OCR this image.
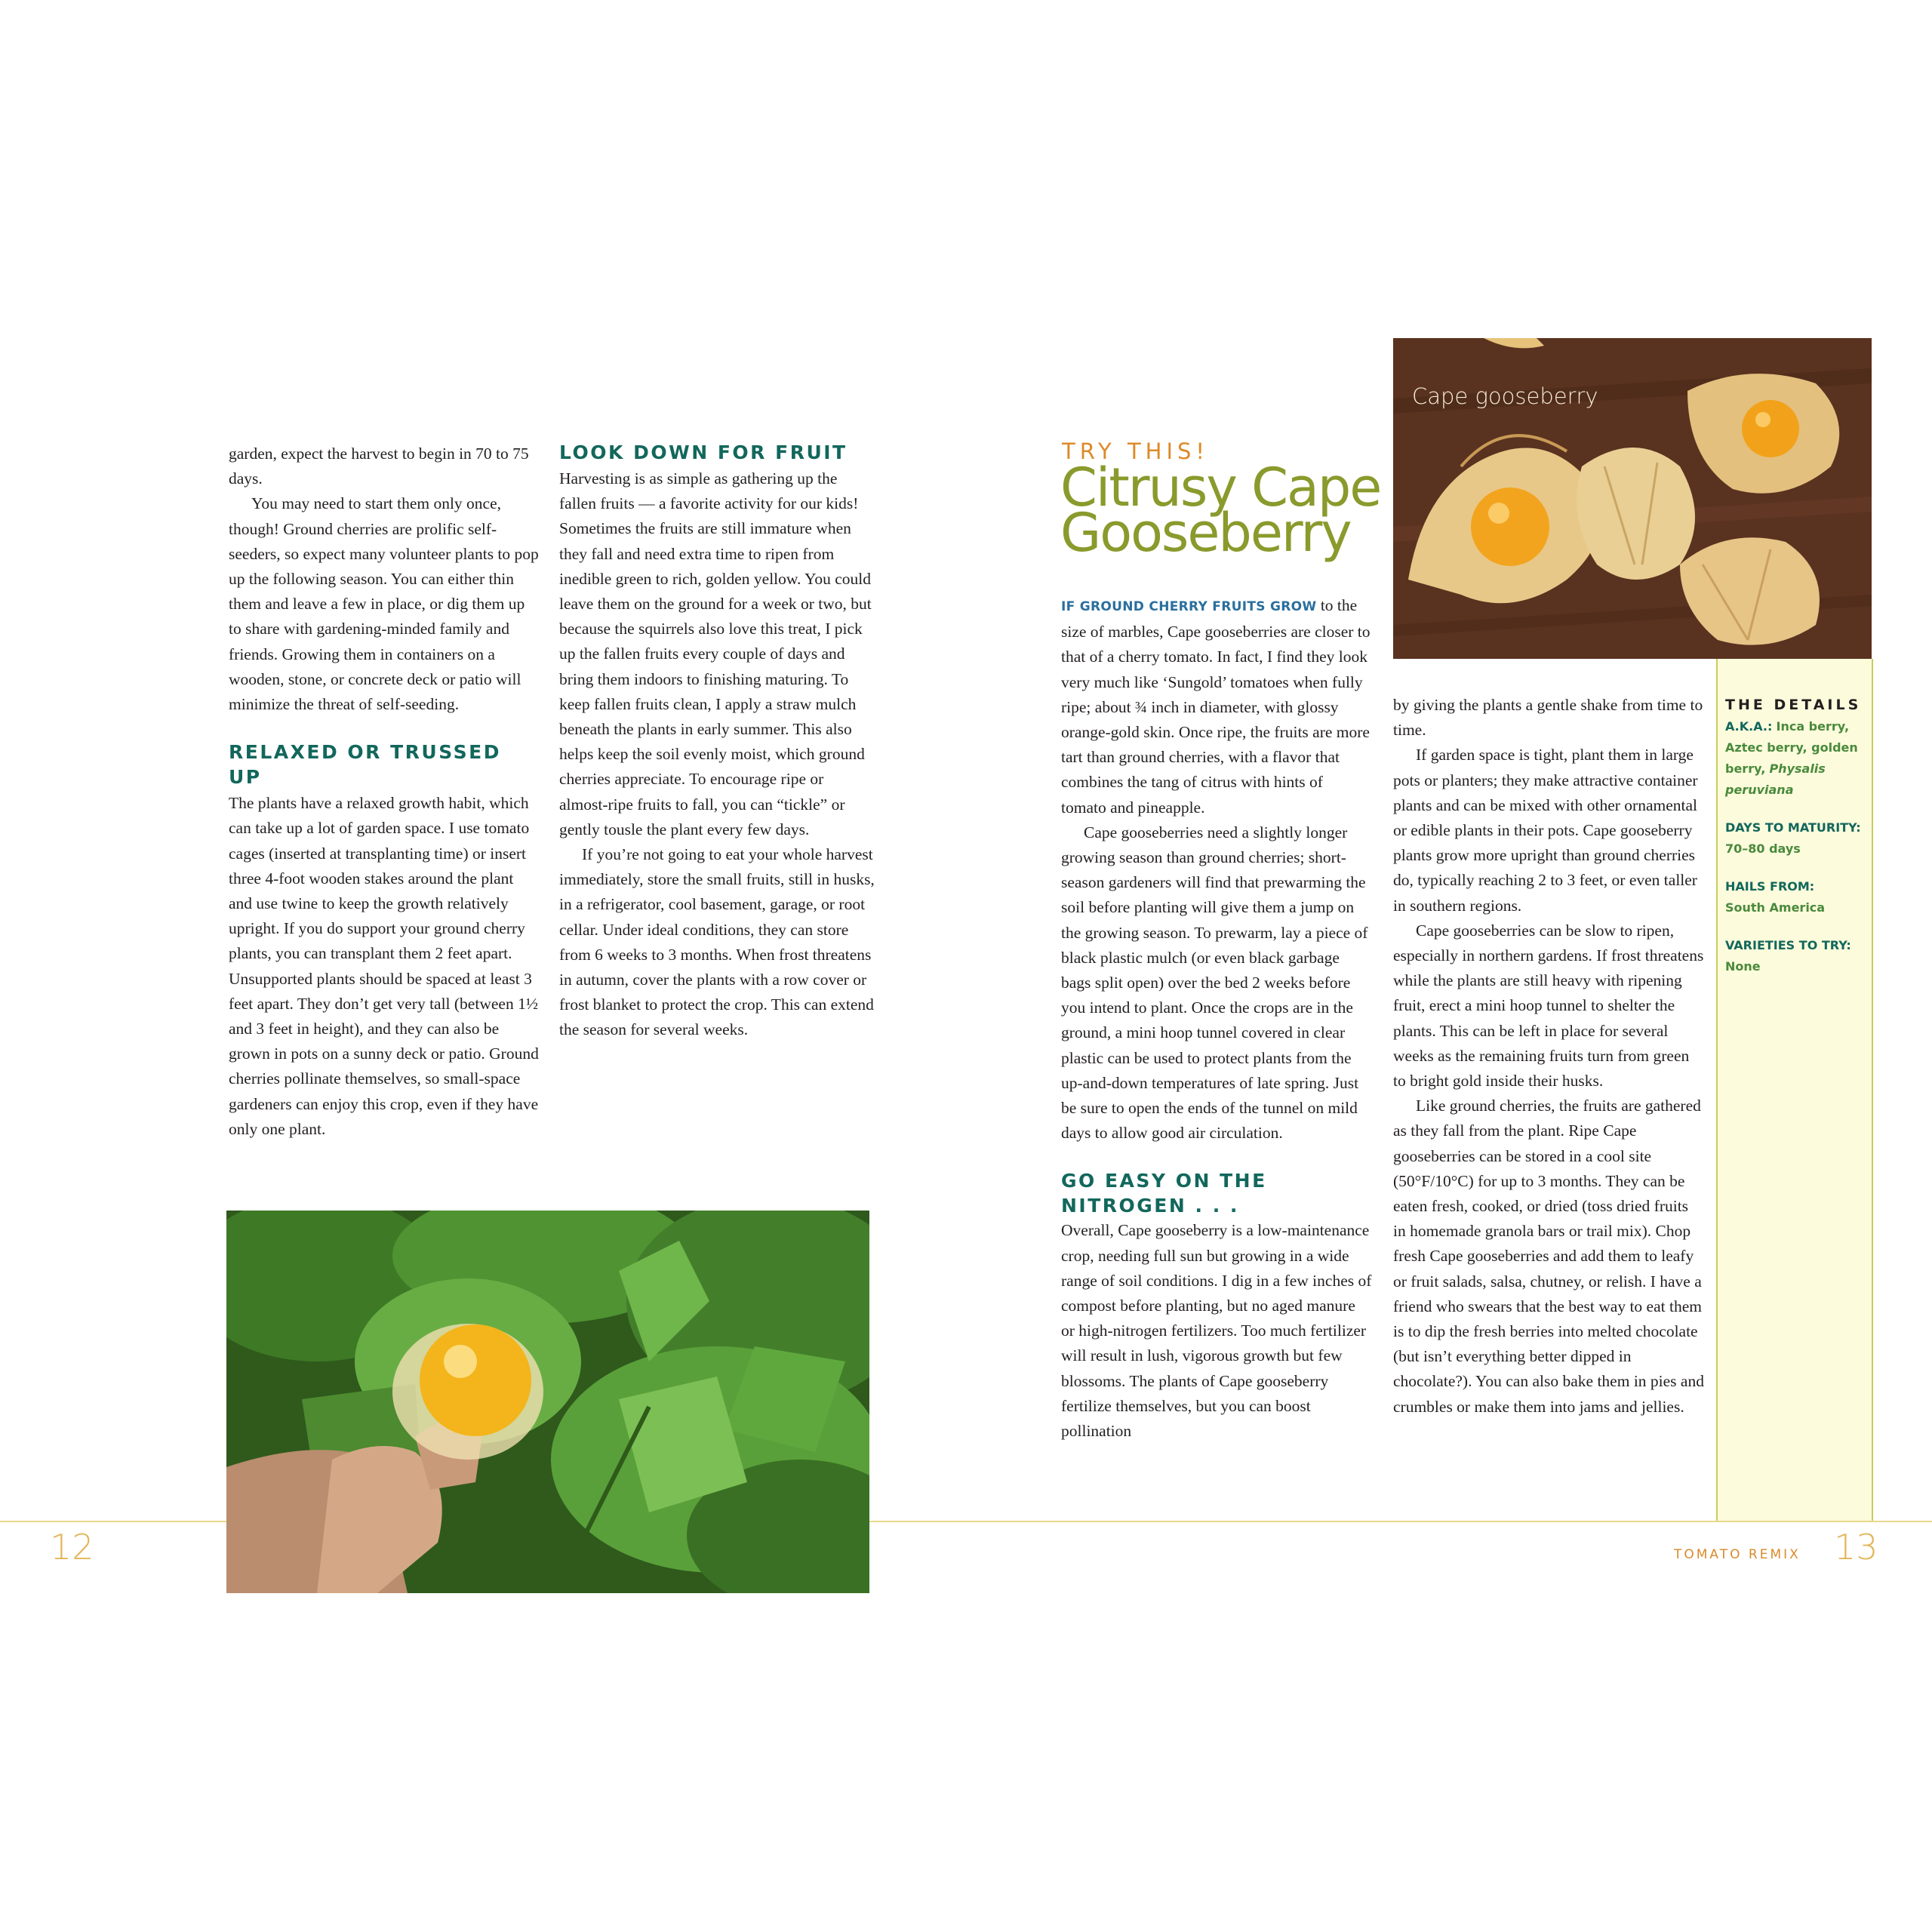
garden, expect the harvest to begin in 70 to 75 days.

You may need to start them only once, though! Ground cherries are prolific self-seeders, so expect many volunteer plants to pop up the following season. You can either thin them and leave a few in place, or dig them up to share with gardening-minded family and friends. Growing them in containers on a wooden, stone, or concrete deck or patio will minimize the threat of self-seeding.

RELAXED OR TRUSSED UP

The plants have a relaxed growth habit, which can take up a lot of garden space. I use tomato cages (inserted at transplanting time) or insert three 4-foot wooden stakes around the plant and use twine to keep the growth relatively upright. If you do support your ground cherry plants, you can transplant them 2 feet apart. Unsupported plants should be spaced at least 3 feet apart. They don’t get very tall (between 1½ and 3 feet in height), and they can also be grown in pots on a sunny deck or patio. Ground cherries pollinate themselves, so small-space gardeners can enjoy this crop, even if they have only one plant.

LOOK DOWN FOR FRUIT

Harvesting is as simple as gathering up the fallen fruits — a favorite activity for our kids! Sometimes the fruits are still immature when they fall and need extra time to ripen from inedible green to rich, golden yellow. You could leave them on the ground for a week or two, but because the squirrels also love this treat, I pick up the fallen fruits every couple of days and bring them indoors to finishing maturing. To keep fallen fruits clean, I apply a straw mulch beneath the plants in early summer. This also helps keep the soil evenly moist, which ground cherries appreciate. To encourage ripe or almost-ripe fruits to fall, you can “tickle” or gently tousle the plant every few days.

If you’re not going to eat your whole harvest immediately, store the small fruits, still in husks, in a refrigerator, cool basement, garage, or root cellar. Under ideal conditions, they can store from 6 weeks to 3 months. When frost threatens in autumn, cover the plants with a row cover or frost blanket to protect the crop. This can extend the season for several weeks.

12
TRY THIS!
Citrusy Cape
Gooseberry

IF GROUND CHERRY FRUITS GROW to the size of marbles, Cape gooseberries are closer to that of a cherry tomato. In fact, I find they look very much like ‘Sungold’ tomatoes when fully ripe; about ¾ inch in diameter, with glossy orange-gold skin. Once ripe, the fruits are more tart than ground cherries, with a flavor that combines the tang of citrus with hints of tomato and pineapple.

Cape gooseberries need a slightly longer growing season than ground cherries; short-season gardeners will find that prewarming the soil before planting will give them a jump on the growing season. To prewarm, lay a piece of black plastic mulch (or even black garbage bags split open) over the bed 2 weeks before you intend to plant. Once the crops are in the ground, a mini hoop tunnel covered in clear plastic can be used to protect plants from the up-and-down temperatures of late spring. Just be sure to open the ends of the tunnel on mild days to allow good air circulation.

GO EASY ON THE
NITROGEN . . .

Overall, Cape gooseberry is a low-maintenance crop, needing full sun but growing in a wide range of soil conditions. I dig in a few inches of compost before planting, but no aged manure or high-nitrogen fertilizers. Too much fertilizer will result in lush, vigorous growth but few blossoms. The plants of Cape gooseberry fertilize themselves, but you can boost pollination

by giving the plants a gentle shake from time to time.

If garden space is tight, plant them in large pots or planters; they make attractive container plants and can be mixed with other ornamental or edible plants in their pots. Cape gooseberry plants grow more upright than ground cherries do, typically reaching 2 to 3 feet, or even taller in southern regions.

Cape gooseberries can be slow to ripen, especially in northern gardens. If frost threatens while the plants are still heavy with ripening fruit, erect a mini hoop tunnel to shelter the plants. This can be left in place for several weeks as the remaining fruits turn from green to bright gold inside their husks.

Like ground cherries, the fruits are gathered as they fall from the plant. Ripe Cape gooseberries can be stored in a cool site (50°F/10°C) for up to 3 months. They can be eaten fresh, cooked, or dried (toss dried fruits in homemade granola bars or trail mix). Chop fresh Cape gooseberries and add them to leafy or fruit salads, salsa, chutney, or relish. I have a friend who swears that the best way to eat them is to dip the fresh berries into melted chocolate (but isn’t everything better dipped in chocolate?). You can also bake them in pies and crumbles or make them into jams and jellies.

THE DETAILS
A.K.A.: Inca berry, Aztec berry, golden berry, Physalis peruviana
DAYS TO MATURITY:
70–80 days
HAILS FROM:
South America
VARIETIES TO TRY:
None
Cape gooseberry
TOMATO REMIX 13
